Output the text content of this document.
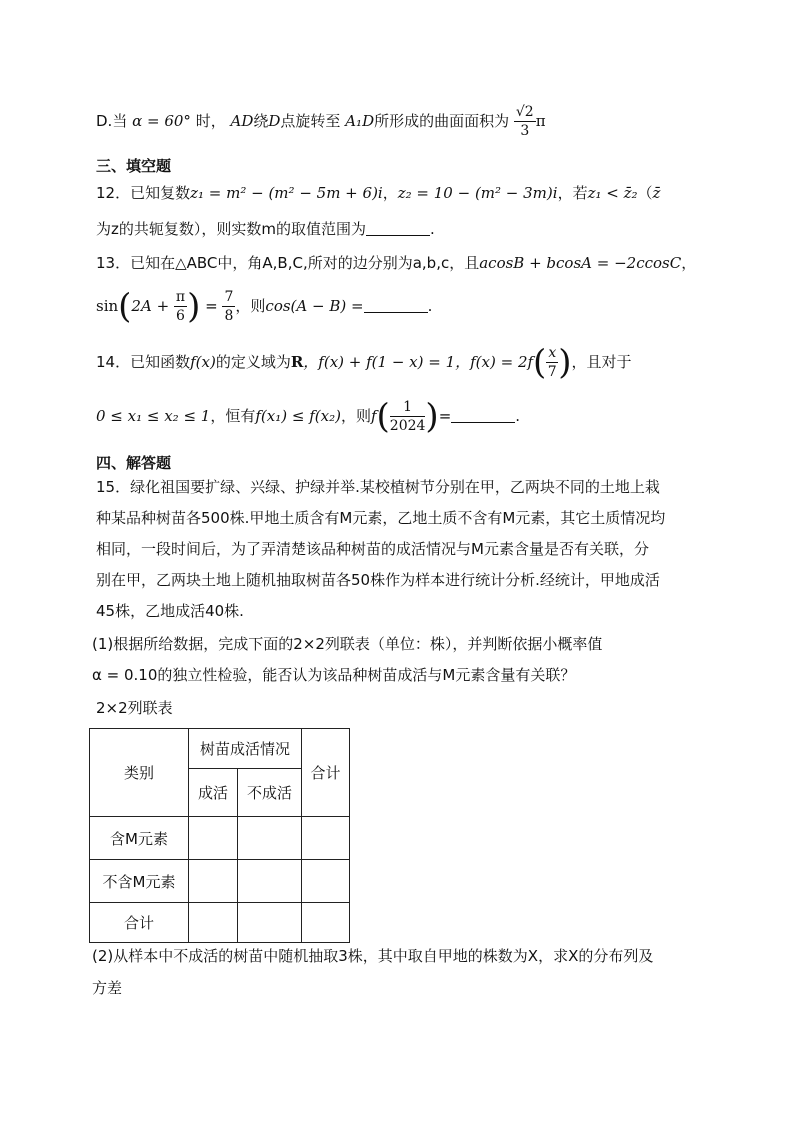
D.当 α = 60° 时， AD绕D点旋转至 A₁D所形成的曲面面积为 $\frac{√2}{3}$ π
三、填空题
12．已知复数z₁ = m² − (m² − 5m + 6)i，z₂ = 10 − (m² − 3m)i，若z₁ < z̄₂（z̄
为z的共轭复数），则实数m的取值范围为	.
13．已知在△ABC中，角A,B,C,所对的边分别为a,b,c，且acosB + bcosA = −2ccosC，
$\sin(2A + \frac{\pi}{6}$ ) = $\frac{7}{8}$ ，则cos(A − B) =	.
14．已知函数f(x)的定义域为R，f(x) + f(1 − x) = 1，$f(x) = 2f( \frac{x}{7}$ )，且对于
0 ≤ x₁ ≤ x₂ ≤ 1，恒有f(x₁) ≤ f(x₂)，则$f( \frac{1}{2024}$ )=	.
四、解答题
15．绿化祖国要扩绿、兴绿、护绿并举.某校植树节分别在甲，乙两块不同的土地上栽
种某品种树苗各500株.甲地土质含有M元素，乙地土质不含有M元素，其它土质情况均
相同，一段时间后，为了弄清楚该品种树苗的成活情况与M元素含量是否有关联，分
别在甲，乙两块土地上随机抽取树苗各50株作为样本进行统计分析.经统计，甲地成活
45株，乙地成活40株.
(1)根据所给数据，完成下面的2×2列联表（单位：株），并判断依据小概率值
α = 0.10的独立性检验，能否认为该品种树苗成活与M元素含量有关联？
2×2列联表
类别	树苗成活情况		合计
	成活	不成活	
含M元素			
不含M元素			
合计			
(2)从样本中不成活的树苗中随机抽取3株，其中取自甲地的株数为X，求X的分布列及
方差
